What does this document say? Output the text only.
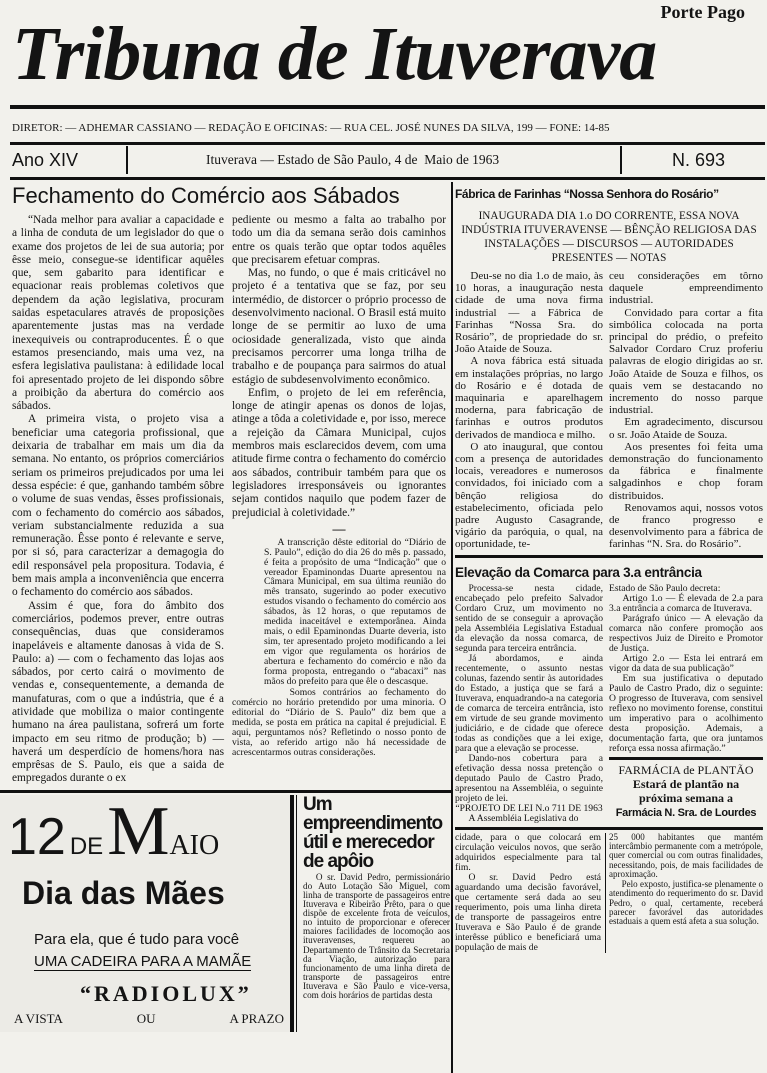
Porte Pago
Tribuna de Ituverava
DIRETOR: — ADHEMAR CASSIANO — REDAÇÃO E OFICINAS: — RUA CEL. JOSÉ NUNES DA SILVA, 199 — FONE: 14-85
Ano XIV	Ituverava — Estado de São Paulo, 4 de  Maio de 1963	N. 693
Fechamento do Comércio aos Sábados

“Nada melhor para avaliar a capacidade e a linha de conduta de um legislador do que o exame dos projetos de lei de sua autoria; por êsse meio, consegue-se identificar aquêles que, sem gabarito para identificar e equacionar reais problemas coletivos que dependem da ação legislativa, procuram saidas espetaculares através de proposições aparentemente justas mas na verdade inexequiveis ou contraproducentes. É o que estamos presenciando, mais uma vez, na esfera legislativa paulistana: à edilidade local foi apresentado projeto de lei dispondo sôbre a proibição da abertura do comércio aos sábados.

A primeira vista, o projeto visa a beneficiar uma categoria profissional, que deixaria de trabalhar em mais um dia da semana. No entanto, os próprios comerciários seriam os primeiros prejudicados por uma lei dessa espécie: é que, ganhando também sôbre o volume de suas vendas, êsses profissionais, com o fechamento do comércio aos sábados, veriam substancialmente reduzida a sua remuneração. Êsse ponto é relevante e serve, por si só, para caracterizar a demagogia do edil responsável pela propositura. Todavia, é bem mais ampla a inconveniência que encerra o fechamento do comércio aos sábados.

Assim é que, fora do âmbito dos comerciários, podemos prever, entre outras consequências, duas que consideramos inapeláveis e altamente danosas à vida de S. Paulo: a) — com o fechamento das lojas aos sábados, por certo cairá o movimento de vendas e, consequentemente, a demanda de manufaturas, com o que a indústria, que é a atividade que mobiliza o maior contingente humano na área paulistana, sofrerá um forte impacto em seu ritmo de produção; b) — haverá um desperdício de homens/hora nas emprêsas de S. Paulo, eis que a saida de empregados durante o ex

pediente ou mesmo a falta ao trabalho por todo um dia da semana serão dois caminhos entre os quais terão que optar todos aquêles que precisarem efetuar compras.

Mas, no fundo, o que é mais criticável no projeto é a tentativa que se faz, por seu intermédio, de distorcer o próprio processo de desenvolvimento nacional. O Brasil está muito longe de se permitir ao luxo de uma ociosidade generalizada, visto que ainda precisamos percorrer uma longa trilha de trabalho e de poupança para sairmos do atual estágio de subdesenvolvimento econômico.

Enfim, o projeto de lei em referência, longe de atingir apenas os donos de lojas, atinge a tôda a coletividade e, por isso, merece a rejeição da Câmara Municipal, cujos membros mais esclarecidos devem, com uma atitude firme contra o fechamento do comércio aos sábados, contribuir também para que os legisladores irresponsáveis ou ignorantes sejam contidos naquilo que podem fazer de prejudicial à coletividade.”

—

A transcrição dêste editorial do “Diário de S. Paulo”, edição do dia 26 do mês p. passado, é feita a propósito de uma “Indicação” que o vereador Epaminondas Duarte apresentou na Câmara Municipal, em sua última reunião do mês transato, sugerindo ao poder executivo estudos visando o fechamento do comércio aos sábados, às 12 horas, o que reputamos de medida inaceitável e extemporânea. Ainda mais, o edil Epaminondas Duarte deveria, isto sim, ter apresentado projeto modificando a lei em vigor que regulamenta os horários de abertura e fechamento do comércio e não da forma proposta, entregando o “abacaxi” nas mãos do prefeito para que êle o descasque.

Somos contrários ao fechamento do comércio no horário pretendido por uma minoria. O editorial do “Diário de S. Paulo” diz bem que a medida, se posta em prática na capital é prejudicial. E aqui, perguntamos nós? Refletindo o nosso ponto de vista, ao referido artigo não há necessidade de acrescentarmos outras considerações.

12 DE MAIO
Dia das Mães
Para ela, que é tudo para você
UMA CADEIRA PARA A MAMÃE
“RADIOLUX”
A VISTA	OU	A PRAZO
Um empreendimento útil e merecedor de apôio

O sr. David Pedro, permissionário do Auto Lotação São Miguel, com linha de transporte de passageiros entre Ituverava e Ribeirão Prêto, para o que dispõe de excelente frota de veículos, no intuito de proporcionar e oferecer maiores facilidades de locomoção aos ituveravenses, requereu ao Departamento de Trânsito da Secretaria da Viação, autorização para funcionamento de uma linha direta de transporte de passageiros entre Ituverava e São Paulo e vice-versa, com dois horários de partidas desta

Fábrica de Farinhas “Nossa Senhora do Rosário”
INAUGURADA DIA 1.o DO CORRENTE, ESSA NOVA INDÚSTRIA ITUVERAVENSE — BÊNÇÃO RELIGIOSA DAS INSTALAÇÕES — DISCURSOS — AUTORIDADES PRESENTES — NOTAS

Deu-se no dia 1.o de maio, às 10 horas, a inauguração nesta cidade de uma nova firma industrial — a Fábrica de Farinhas “Nossa Sra. do Rosário”, de propriedade do sr. João Ataide de Souza.

A nova fábrica está situada em instalações próprias, no largo do Rosário e é dotada de maquinaria e aparelhagem moderna, para fabricação de farinhas e outros produtos derivados de mandioca e milho.

O ato inaugural, que contou com a presença de autoridades locais, vereadores e numerosos convidados, foi iniciado com a bênção religiosa do estabelecimento, oficiada pelo padre Augusto Casagrande, vigário da paróquia, o qual, na oportunidade, te-

ceu considerações em tôrno daquele empreendimento industrial.

Convidado para cortar a fita simbólica colocada na porta principal do prédio, o prefeito Salvador Cordaro Cruz proferiu palavras de elogio dirigidas ao sr. João Ataide de Souza e filhos, os quais vem se destacando no incremento do nosso parque industrial.

Em agradecimento, discursou o sr. João Ataide de Souza.

Aos presentes foi feita uma demonstração do funcionamento da fábrica e finalmente salgadinhos e chop foram distribuidos.

Renovamos aqui, nossos votos de franco progresso e desenvolvimento para a fábrica de farinhas “N. Sra. do Rosário”.

Elevação da Comarca para 3.a entrância

Processa-se nesta cidade, encabeçado pelo prefeito Salvador Cordaro Cruz, um movimento no sentido de se conseguir a aprovação pela Assembléia Legislativa Estadual da elevação da nossa comarca, de segunda para terceira entrância.

Já abordamos, e ainda recentemente, o assunto nestas colunas, fazendo sentir às autoridades do Estado, a justiça que se fará a Ituverava, enquadrando-a na categoria de comarca de terceira entrância, isto em virtude de seu grande movimento judiciário, e de cidade que oferece todas as condições que a lei exige, para que a elevação se processe.

Dando-nos cobertura para a efetivação dessa nossa pretenção o deputado Paulo de Castro Prado, apresentou na Assembléia, o seguinte projeto de lei.

“PROJETO DE LEI N.o 711 DE 1963

A Assembléia Legislativa do

Estado de São Paulo decreta:

Artigo 1.o — É elevada de 2.a para 3.a entrância a comarca de Ituverava.

Parágrafo único — A elevação da comarca não confere promoção aos respectivos Juiz de Direito e Promotor de Justiça.

Artigo 2.o — Esta lei entrará em vigor da data de sua publicação”

Em sua justificativa o deputado Paulo de Castro Prado, diz o seguinte: O progresso de Ituverava, com sensivel reflexo no movimento forense, constitui um imperativo para o acolhimento desta proposição. Ademais, a documentação farta, que ora juntamos reforça essa nossa afirmação.”

FARMÁCIA de PLANTÃO
Estará de plantão na
próxima semana a
Farmácia N. Sra. de Lourdes

cidade, para o que colocará em circulação veiculos novos, que serão adquiridos especialmente para tal fim.

O sr. David Pedro está aguardando uma decisão favorável, que certamente será dada ao seu requerimento, pois uma linha direta de transporte de passageiros entre Ituverava e São Paulo é de grande interêsse público e beneficiará uma população de mais de

25 000 habitantes que mantém intercâmbio permanente com a metrópole, quer comercial ou com outras finalidades, necessitando, pois, de mais facilidades de aproximação.

Pelo exposto, justifica-se plenamente o atendimento do requerimento do sr. David Pedro, o qual, certamente, receberá parecer favorável das autoridades estaduais a quem está afeta a sua solução.
